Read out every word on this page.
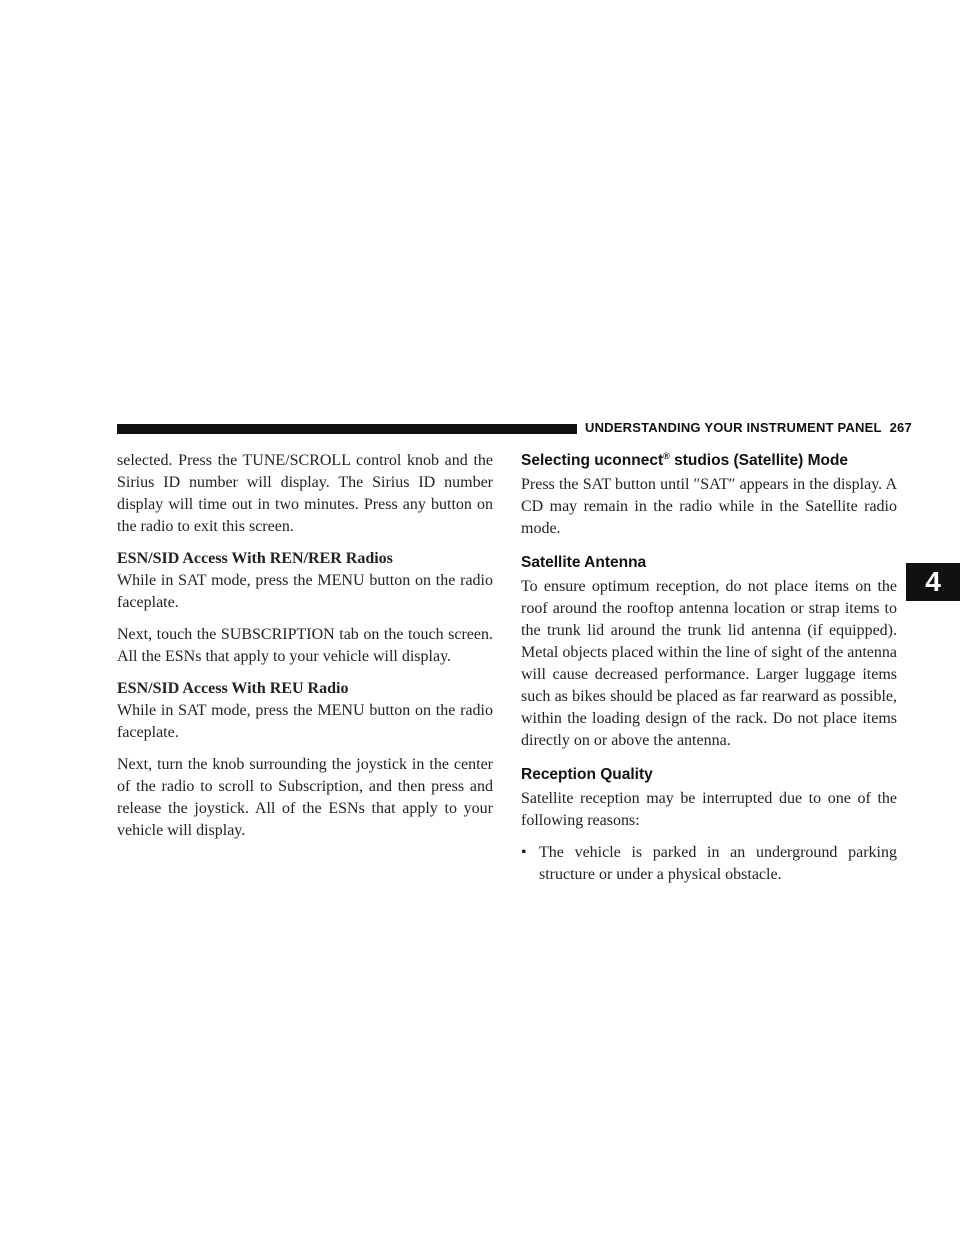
UNDERSTANDING YOUR INSTRUMENT PANEL 267
4

selected. Press the TUNE/SCROLL control knob and the Sirius ID number will display. The Sirius ID number display will time out in two minutes. Press any button on the radio to exit this screen.

ESN/SID Access With REN/RER Radios

While in SAT mode, press the MENU button on the radio faceplate.

Next, touch the SUBSCRIPTION tab on the touch screen. All the ESNs that apply to your vehicle will display.

ESN/SID Access With REU Radio

While in SAT mode, press the MENU button on the radio faceplate.

Next, turn the knob surrounding the joystick in the center of the radio to scroll to Subscription, and then press and release the joystick. All of the ESNs that apply to your vehicle will display.

Selecting uconnect® studios (Satellite) Mode

Press the SAT button until ″SAT″ appears in the display. A CD may remain in the radio while in the Satellite radio mode.

Satellite Antenna

To ensure optimum reception, do not place items on the roof around the rooftop antenna location or strap items to the trunk lid around the trunk lid antenna (if equipped). Metal objects placed within the line of sight of the antenna will cause decreased performance. Larger luggage items such as bikes should be placed as far rearward as possible, within the loading design of the rack. Do not place items directly on or above the antenna.

Reception Quality

Satellite reception may be interrupted due to one of the following reasons:

• The vehicle is parked in an underground parking structure or under a physical obstacle.
